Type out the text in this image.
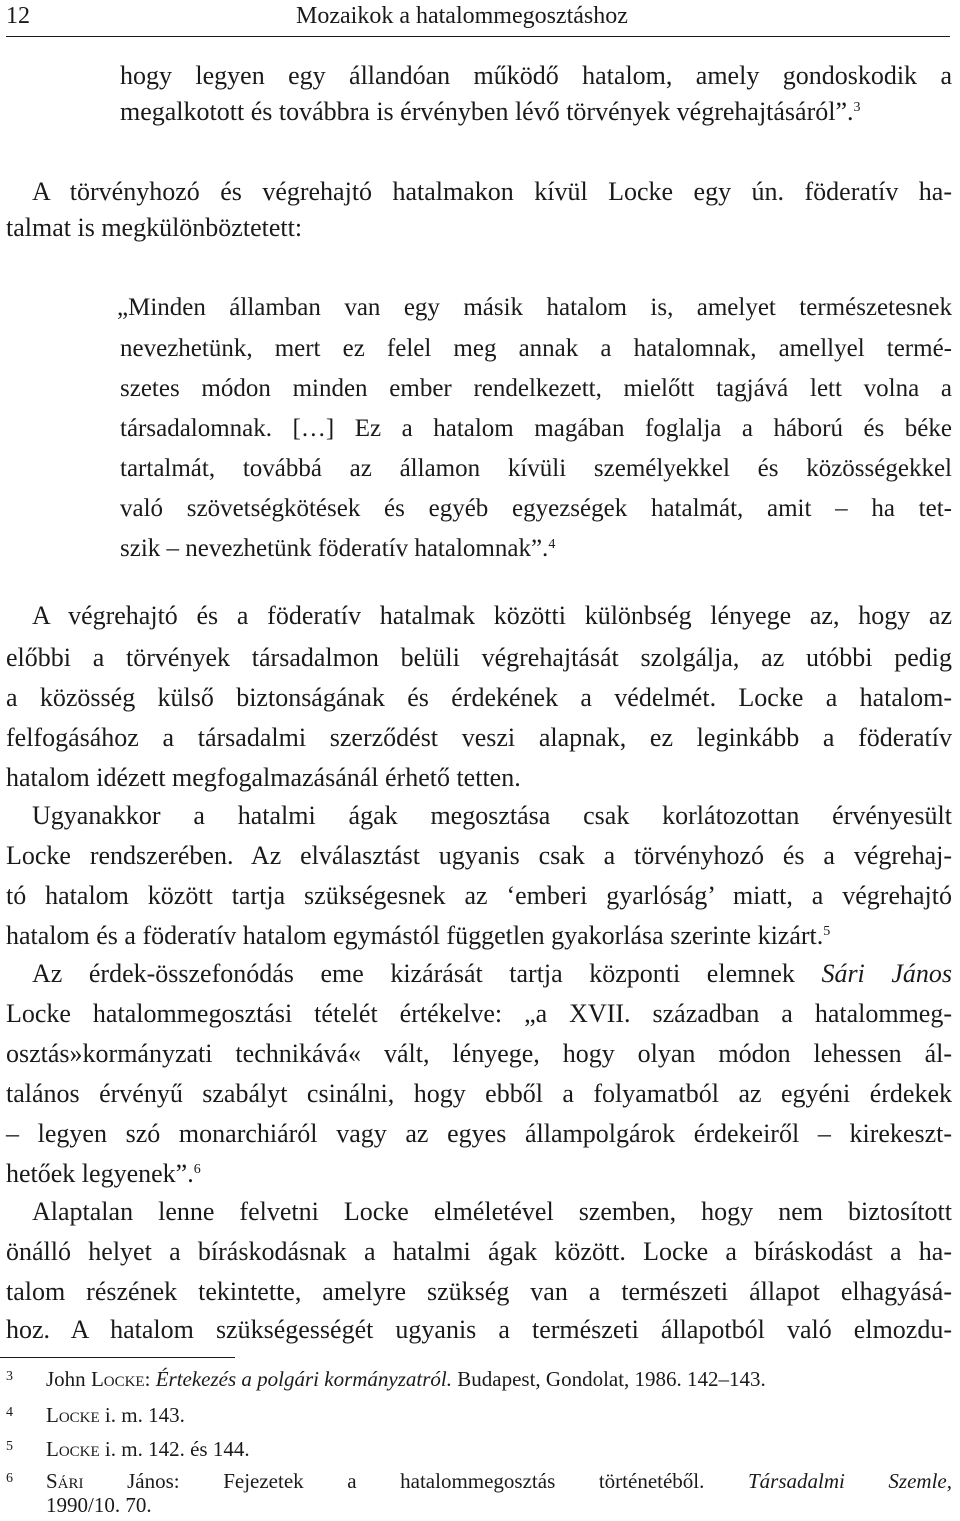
12	Mozaikok a hatalommegosztáshoz
hogy legyen egy állandóan működő hatalom, amely gondoskodik a
megalkotott és továbbra is érvényben lévő törvények végrehajtásáról”.$^3$
A törvényhozó és végrehajtó hatalmakon kívül Locke egy ún. föderatív ha-
talmat is megkülönböztetett:
„Minden államban van egy másik hatalom is, amelyet természetesnek
nevezhetünk, mert ez felel meg annak a hatalomnak, amellyel termé-
szetes módon minden ember rendelkezett, mielőtt tagjává lett volna a
társadalomnak. […] Ez a hatalom magában foglalja a háború és béke
tartalmát, továbbá az államon kívüli személyekkel és közösségekkel
való szövetségkötések és egyéb egyezségek hatalmát, amit – ha tet-
szik – nevezhetünk föderatív hatalomnak”.$^4$
A végrehajtó és a föderatív hatalmak közötti különbség lényege az, hogy az
előbbi a törvények társadalmon belüli végrehajtását szolgálja, az utóbbi pedig
a közösség külső biztonságának és érdekének a védelmét. Locke a hatalom-
felfogásához a társadalmi szerződést veszi alapnak, ez leginkább a föderatív
hatalom idézett megfogalmazásánál érhető tetten.
Ugyanakkor a hatalmi ágak megosztása csak korlátozottan érvényesült
Locke rendszerében. Az elválasztást ugyanis csak a törvényhozó és a végrehaj-
tó hatalom között tartja szükségesnek az ‘emberi gyarlóság’ miatt, a végrehajtó
hatalom és a föderatív hatalom egymástól független gyakorlása szerinte kizárt.$^5$
Az érdek-összefonódás eme kizárását tartja központi elemnek Sári János
Locke hatalommegosztási tételét értékelve: „a XVII. században a hatalommeg-
osztás»kormányzati technikává« vált, lényege, hogy olyan módon lehessen ál-
talános érvényű szabályt csinálni, hogy ebből a folyamatból az egyéni érdekek
– legyen szó monarchiáról vagy az egyes állampolgárok érdekeiről – kirekeszt-
hetőek legyenek”.$^6$
Alaptalan lenne felvetni Locke elméletével szemben, hogy nem biztosított
önálló helyet a bíráskodásnak a hatalmi ágak között. Locke a bíráskodást a ha-
talom részének tekintette, amelyre szükség van a természeti állapot elhagyásá-
hoz. A hatalom szükségességét ugyanis a természeti állapotból való elmozdu-
3 John Locke: Értekezés a polgári kormányzatról. Budapest, Gondolat, 1986. 142–143.
4 Locke i. m. 143.
5 Locke i. m. 142. és 144.
6 Sári János: Fejezetek a hatalommegosztás történetéből. Társadalmi Szemle,
1990/10. 70.
